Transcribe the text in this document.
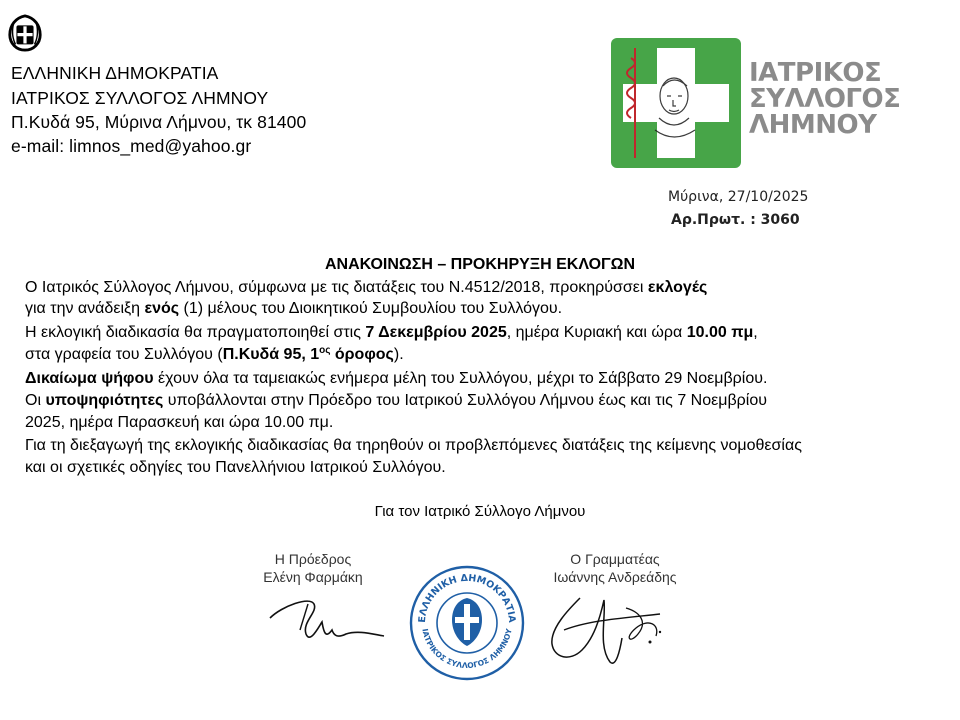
ΕΛΛΗΝΙΚΗ ΔΗΜΟΚΡΑΤΙΑ
ΙΑΤΡΙΚΟΣ ΣΥΛΛΟΓΟΣ ΛΗΜΝΟΥ
Π.Κυδά 95, Μύρινα Λήμνου, τκ 81400
e-mail: limnos_med@yahoo.gr
ΙΑΤΡΙΚΟΣ
ΣΥΛΛΟΓΟΣ
ΛΗΜΝΟΥ
Μύρινα, 27/10/2025
Αρ.Πρωτ. : 3060
ΑΝΑΚΟΙΝΩΣΗ – ΠΡΟΚΗΡΥΞΗ ΕΚΛΟΓΩΝ
Ο Ιατρικός Σύλλογος Λήμνου, σύμφωνα με τις διατάξεις του Ν.4512/2018, προκηρύσσει εκλογές
για την ανάδειξη ενός (1) μέλους του Διοικητικού Συμβουλίου του Συλλόγου.
Η εκλογική διαδικασία θα πραγματοποιηθεί στις 7 Δεκεμβρίου 2025, ημέρα Κυριακή και ώρα 10.00 πμ,
στα γραφεία του Συλλόγου (Π.Κυδά 95, $1^{o\varsigma}$ όροφος).
Δικαίωμα ψήφου έχουν όλα τα ταμειακώς ενήμερα μέλη του Συλλόγου, μέχρι το Σάββατο 29 Νοεμβρίου.
Οι υποψηφιότητες υποβάλλονται στην Πρόεδρο του Ιατρικού Συλλόγου Λήμνου έως και τις 7 Νοεμβρίου
2025, ημέρα Παρασκευή και ώρα 10.00 πμ.
Για τη διεξαγωγή της εκλογικής διαδικασίας θα τηρηθούν οι προβλεπόμενες διατάξεις της κείμενης νομοθεσίας
και οι σχετικές οδηγίες του Πανελλήνιου Ιατρικού Συλλόγου.
Για τον Ιατρικό Σύλλογο Λήμνου
Η Πρόεδρος
Ελένη Φαρμάκη
Ο Γραμματέας
Ιωάννης Ανδρεάδης
ΕΛΛΗΝΙΚΗ ΔΗΜΟΚΡΑΤΙΑ
ΙΑΤΡΙΚΟΣ ΣΥΛΛΟΓΟΣ ΛΗΜΝΟΥ
